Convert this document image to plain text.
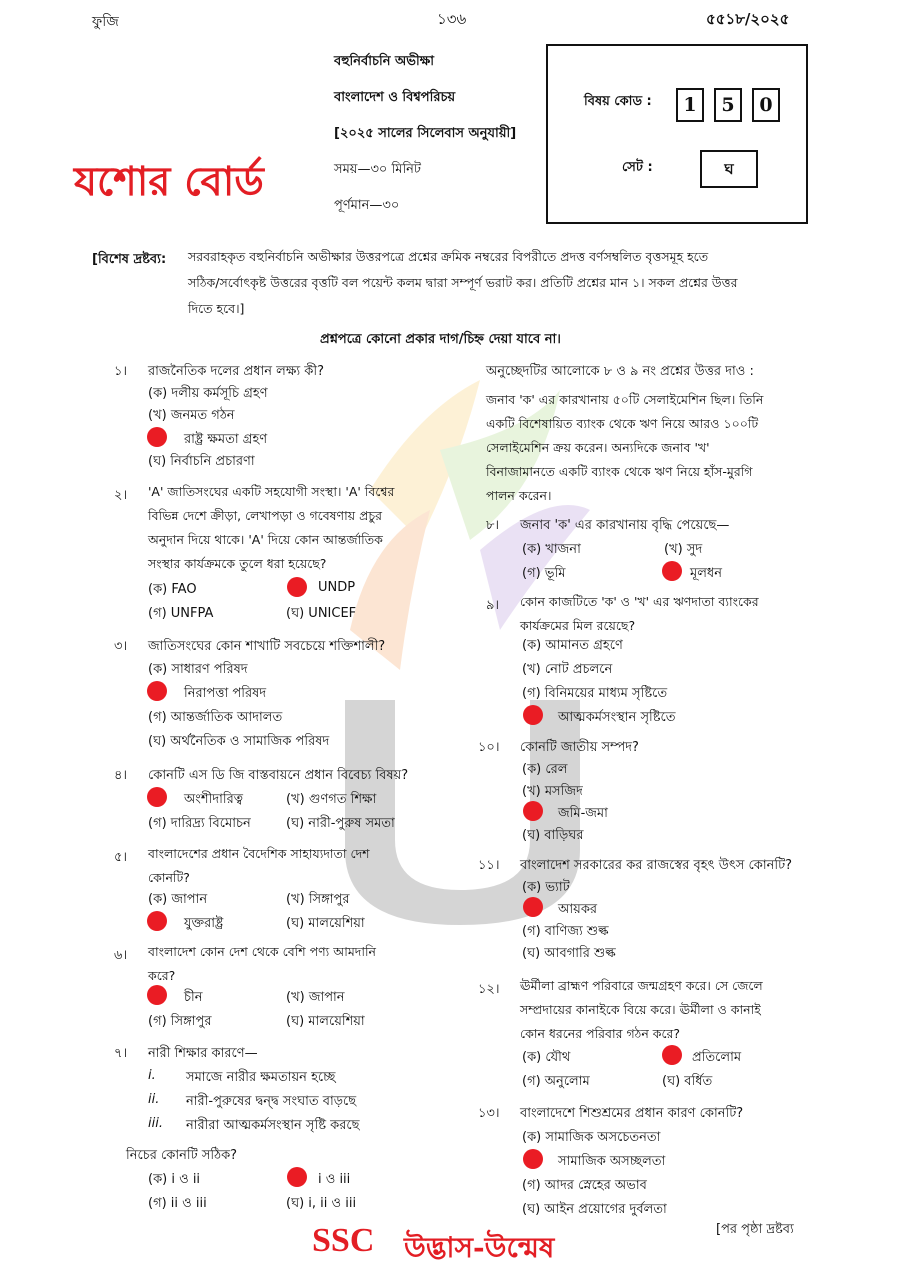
ফুজি	১৩৬	৫৫১৮/২০২৫
বহুনির্বাচনি অভীক্ষা
বাংলাদেশ ও বিশ্বপরিচয়
[২০২৫ সালের সিলেবাস অনুযায়ী]
সময়—৩০ মিনিট
পূর্ণমান—৩০
যশোর বোর্ড
বিষয় কোড :	1	5	0
সেট :	ঘ
[বিশেষ দ্রষ্টব্য: সরবরাহকৃত বহুনির্বাচনি অভীক্ষার উত্তরপত্রে প্রশ্নের ক্রমিক নম্বরের বিপরীতে প্রদত্ত বর্ণসম্বলিত বৃত্তসমূহ হতে
সঠিক/সর্বোৎকৃষ্ট উত্তরের বৃত্তটি বল পয়েন্ট কলম দ্বারা সম্পূর্ণ ভরাট কর। প্রতিটি প্রশ্নের মান ১। সকল প্রশ্নের উত্তর
দিতে হবে।]
প্রশ্নপত্রে কোনো প্রকার দাগ/চিহ্ন দেয়া যাবে না।
১। রাজনৈতিক দলের প্রধান লক্ষ্য কী?
(ক) দলীয় কর্মসূচি গ্রহণ
(খ) জনমত গঠন
রাষ্ট্র ক্ষমতা গ্রহণ
(ঘ) নির্বাচনি প্রচারণা
২। 'A' জাতিসংঘের একটি সহযোগী সংস্থা। 'A' বিশ্বের
বিভিন্ন দেশে ক্রীড়া, লেখাপড়া ও গবেষণায় প্রচুর
অনুদান দিয়ে থাকে। 'A' দিয়ে কোন আন্তর্জাতিক
সংস্থার কার্যক্রমকে তুলে ধরা হয়েছে?
(ক) FAO	UNDP
(গ) UNFPA	(ঘ) UNICEF
৩। জাতিসংঘের কোন শাখাটি সবচেয়ে শক্তিশালী?
(ক) সাধারণ পরিষদ
নিরাপত্তা পরিষদ
(গ) আন্তর্জাতিক আদালত
(ঘ) অর্থনৈতিক ও সামাজিক পরিষদ
৪। কোনটি এস ডি জি বাস্তবায়নে প্রধান বিবেচ্য বিষয়?
অংশীদারিত্ব	(খ) গুণগত শিক্ষা
(গ) দারিদ্র্য বিমোচন	(ঘ) নারী-পুরুষ সমতা
৫। বাংলাদেশের প্রধান বৈদেশিক সাহায্যদাতা দেশ
কোনটি?
(ক) জাপান	(খ) সিঙ্গাপুর
যুক্তরাষ্ট্র	(ঘ) মালয়েশিয়া
৬। বাংলাদেশ কোন দেশ থেকে বেশি পণ্য আমদানি
করে?
চীন	(খ) জাপান
(গ) সিঙ্গাপুর	(ঘ) মালয়েশিয়া
৭। নারী শিক্ষার কারণে—
i. সমাজে নারীর ক্ষমতায়ন হচ্ছে
ii. নারী-পুরুষের দ্বন্দ্ব সংঘাত বাড়ছে
iii. নারীরা আত্মকর্মসংস্থান সৃষ্টি করছে
নিচের কোনটি সঠিক?
(ক) i ও ii	i ও iii
(গ) ii ও iii	(ঘ) i, ii ও iii
অনুচ্ছেদটির আলোকে ৮ ও ৯ নং প্রশ্নের উত্তর দাও :
জনাব 'ক' এর কারখানায় ৫০টি সেলাইমেশিন ছিল। তিনি
একটি বিশেষায়িত ব্যাংক থেকে ঋণ নিয়ে আরও ১০০টি
সেলাইমেশিন ক্রয় করেন। অন্যদিকে জনাব 'খ'
বিনাজামানতে একটি ব্যাংক থেকে ঋণ নিয়ে হাঁস-মুরগি
পালন করেন।
৮। জনাব 'ক' এর কারখানায় বৃদ্ধি পেয়েছে—
(ক) খাজনা	(খ) সুদ
(গ) ভূমি	মূলধন
৯। কোন কাজটিতে 'ক' ও 'খ' এর ঋণদাতা ব্যাংকের
কার্যক্রমের মিল রয়েছে?
(ক) আমানত গ্রহণে
(খ) নোট প্রচলনে
(গ) বিনিময়ের মাধ্যম সৃষ্টিতে
আত্মকর্মসংস্থান সৃষ্টিতে
১০। কোনটি জাতীয় সম্পদ?
(ক) রেল
(খ) মসজিদ
জমি-জমা
(ঘ) বাড়িঘর
১১। বাংলাদেশ সরকারের কর রাজস্বের বৃহৎ উৎস কোনটি?
(ক) ভ্যাট
আয়কর
(গ) বাণিজ্য শুল্ক
(ঘ) আবগারি শুল্ক
১২। ঊর্মীলা ব্রাহ্মণ পরিবারে জন্মগ্রহণ করে। সে জেলে
সম্প্রদায়ের কানাইকে বিয়ে করে। ঊর্মীলা ও কানাই
কোন ধরনের পরিবার গঠন করে?
(ক) যৌথ	প্রতিলোম
(গ) অনুলোম	(ঘ) বর্ধিত
১৩। বাংলাদেশে শিশুশ্রমের প্রধান কারণ কোনটি?
(ক) সামাজিক অসচেতনতা
সামাজিক অসচ্ছলতা
(গ) আদর স্নেহের অভাব
(ঘ) আইন প্রয়োগের দুর্বলতা
SSC উদ্ভাস-উন্মেষ
[পর পৃষ্ঠা দ্রষ্টব্য
